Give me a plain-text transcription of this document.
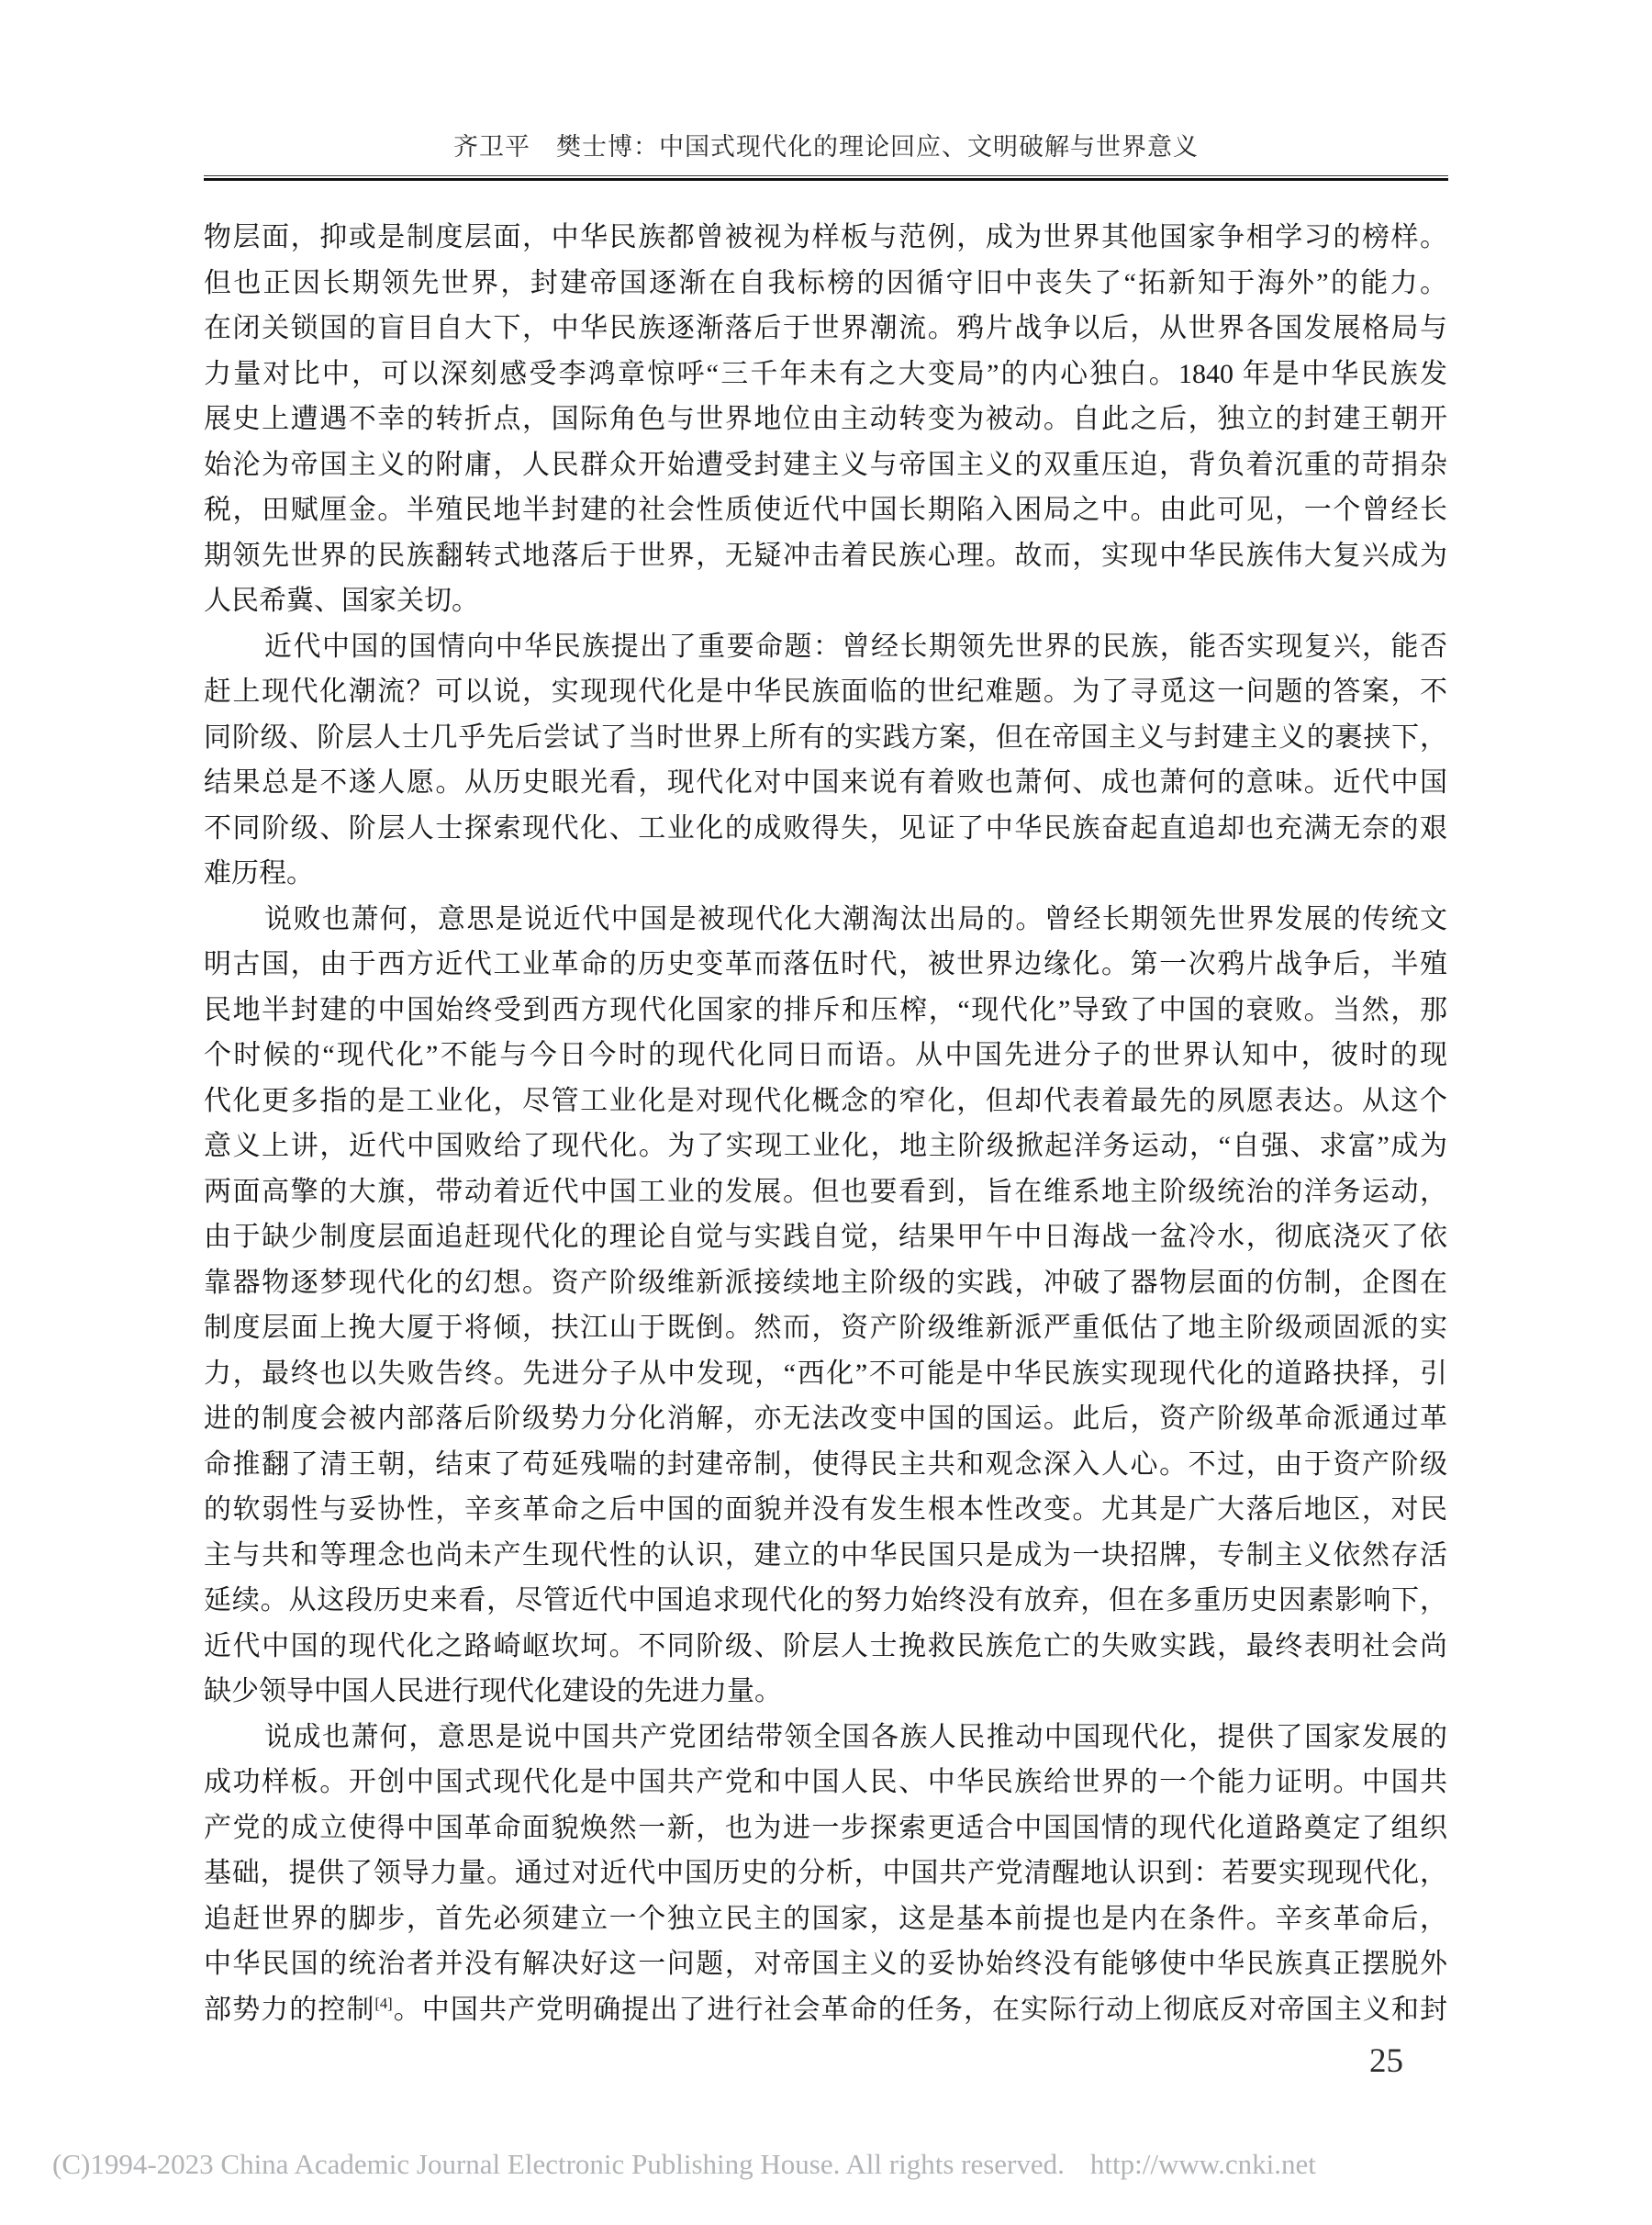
齐卫平　樊士博：中国式现代化的理论回应、文明破解与世界意义
物层面，抑或是制度层面，中华民族都曾被视为样板与范例，成为世界其他国家争相学习的榜样。
但也正因长期领先世界，封建帝国逐渐在自我标榜的因循守旧中丧失了“拓新知于海外”的能力。
在闭关锁国的盲目自大下，中华民族逐渐落后于世界潮流。鸦片战争以后，从世界各国发展格局与
力量对比中，可以深刻感受李鸿章惊呼“三千年未有之大变局”的内心独白。1840 年是中华民族发
展史上遭遇不幸的转折点，国际角色与世界地位由主动转变为被动。自此之后，独立的封建王朝开
始沦为帝国主义的附庸，人民群众开始遭受封建主义与帝国主义的双重压迫，背负着沉重的苛捐杂
税，田赋厘金。半殖民地半封建的社会性质使近代中国长期陷入困局之中。由此可见，一个曾经长
期领先世界的民族翻转式地落后于世界，无疑冲击着民族心理。故而，实现中华民族伟大复兴成为
人民希冀、国家关切。
近代中国的国情向中华民族提出了重要命题：曾经长期领先世界的民族，能否实现复兴，能否
赶上现代化潮流？可以说，实现现代化是中华民族面临的世纪难题。为了寻觅这一问题的答案，不
同阶级、阶层人士几乎先后尝试了当时世界上所有的实践方案，但在帝国主义与封建主义的裹挟下，
结果总是不遂人愿。从历史眼光看，现代化对中国来说有着败也萧何、成也萧何的意味。近代中国
不同阶级、阶层人士探索现代化、工业化的成败得失，见证了中华民族奋起直追却也充满无奈的艰
难历程。
说败也萧何，意思是说近代中国是被现代化大潮淘汰出局的。曾经长期领先世界发展的传统文
明古国，由于西方近代工业革命的历史变革而落伍时代，被世界边缘化。第一次鸦片战争后，半殖
民地半封建的中国始终受到西方现代化国家的排斥和压榨，“现代化”导致了中国的衰败。当然，那
个时候的“现代化”不能与今日今时的现代化同日而语。从中国先进分子的世界认知中，彼时的现
代化更多指的是工业化，尽管工业化是对现代化概念的窄化，但却代表着最先的夙愿表达。从这个
意义上讲，近代中国败给了现代化。为了实现工业化，地主阶级掀起洋务运动，“自强、求富”成为
两面高擎的大旗，带动着近代中国工业的发展。但也要看到，旨在维系地主阶级统治的洋务运动，
由于缺少制度层面追赶现代化的理论自觉与实践自觉，结果甲午中日海战一盆冷水，彻底浇灭了依
靠器物逐梦现代化的幻想。资产阶级维新派接续地主阶级的实践，冲破了器物层面的仿制，企图在
制度层面上挽大厦于将倾，扶江山于既倒。然而，资产阶级维新派严重低估了地主阶级顽固派的实
力，最终也以失败告终。先进分子从中发现，“西化”不可能是中华民族实现现代化的道路抉择，引
进的制度会被内部落后阶级势力分化消解，亦无法改变中国的国运。此后，资产阶级革命派通过革
命推翻了清王朝，结束了苟延残喘的封建帝制，使得民主共和观念深入人心。不过，由于资产阶级
的软弱性与妥协性，辛亥革命之后中国的面貌并没有发生根本性改变。尤其是广大落后地区，对民
主与共和等理念也尚未产生现代性的认识，建立的中华民国只是成为一块招牌，专制主义依然存活
延续。从这段历史来看，尽管近代中国追求现代化的努力始终没有放弃，但在多重历史因素影响下，
近代中国的现代化之路崎岖坎坷。不同阶级、阶层人士挽救民族危亡的失败实践，最终表明社会尚
缺少领导中国人民进行现代化建设的先进力量。
说成也萧何，意思是说中国共产党团结带领全国各族人民推动中国现代化，提供了国家发展的
成功样板。开创中国式现代化是中国共产党和中国人民、中华民族给世界的一个能力证明。中国共
产党的成立使得中国革命面貌焕然一新，也为进一步探索更适合中国国情的现代化道路奠定了组织
基础，提供了领导力量。通过对近代中国历史的分析，中国共产党清醒地认识到：若要实现现代化，
追赶世界的脚步，首先必须建立一个独立民主的国家，这是基本前提也是内在条件。辛亥革命后，
中华民国的统治者并没有解决好这一问题，对帝国主义的妥协始终没有能够使中华民族真正摆脱外
部势力的控制[4]。中国共产党明确提出了进行社会革命的任务，在实际行动上彻底反对帝国主义和封
25
(C)1994-2023 China Academic Journal Electronic Publishing House. All rights reserved. http://www.cnki.net
